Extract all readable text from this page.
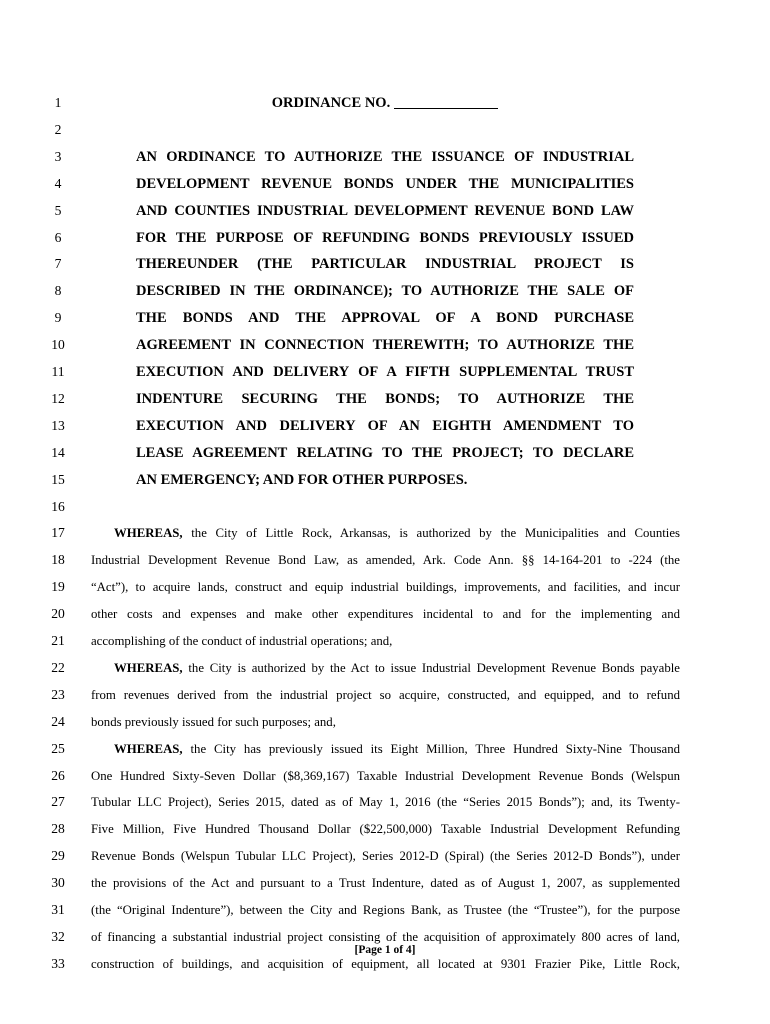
1	ORDINANCE NO.
2
3	AN ORDINANCE TO AUTHORIZE THE ISSUANCE OF INDUSTRIAL
4	DEVELOPMENT REVENUE BONDS UNDER THE MUNICIPALITIES
5	AND COUNTIES INDUSTRIAL DEVELOPMENT REVENUE BOND LAW
6	FOR THE PURPOSE OF REFUNDING BONDS PREVIOUSLY ISSUED
7	THEREUNDER (THE PARTICULAR INDUSTRIAL PROJECT IS
8	DESCRIBED IN THE ORDINANCE); TO AUTHORIZE THE SALE OF
9	THE BONDS AND THE APPROVAL OF A BOND PURCHASE
10	AGREEMENT IN CONNECTION THEREWITH; TO AUTHORIZE THE
11	EXECUTION AND DELIVERY OF A FIFTH SUPPLEMENTAL TRUST
12	INDENTURE SECURING THE BONDS; TO AUTHORIZE THE
13	EXECUTION AND DELIVERY OF AN EIGHTH AMENDMENT TO
14	LEASE AGREEMENT RELATING TO THE PROJECT; TO DECLARE
15	AN EMERGENCY; AND FOR OTHER PURPOSES.
16
17	WHEREAS, the City of Little Rock, Arkansas, is authorized by the Municipalities and Counties
18 Industrial Development Revenue Bond Law, as amended, Ark. Code Ann. §§ 14-164-201 to -224 (the
19 “Act”), to acquire lands, construct and equip industrial buildings, improvements, and facilities, and incur
20 other costs and expenses and make other expenditures incidental to and for the implementing and
21 accomplishing of the conduct of industrial operations; and,
22	WHEREAS, the City is authorized by the Act to issue Industrial Development Revenue Bonds payable
23 from revenues derived from the industrial project so acquire, constructed, and equipped, and to refund
24 bonds previously issued for such purposes; and,
25	WHEREAS, the City has previously issued its Eight Million, Three Hundred Sixty-Nine Thousand
26 One Hundred Sixty-Seven Dollar ($8,369,167) Taxable Industrial Development Revenue Bonds (Welspun
27 Tubular LLC Project), Series 2015, dated as of May 1, 2016 (the “Series 2015 Bonds”); and, its Twenty-
28 Five Million, Five Hundred Thousand Dollar ($22,500,000) Taxable Industrial Development Refunding
29 Revenue Bonds (Welspun Tubular LLC Project), Series 2012-D (Spiral) (the Series 2012-D Bonds”), under
30 the provisions of the Act and pursuant to a Trust Indenture, dated as of August 1, 2007, as supplemented
31 (the “Original Indenture”), between the City and Regions Bank, as Trustee (the “Trustee”), for the purpose
32 of financing a substantial industrial project consisting of the acquisition of approximately 800 acres of land,
33 construction of buildings, and acquisition of equipment, all located at 9301 Frazier Pike, Little Rock,
[Page 1 of 4]
